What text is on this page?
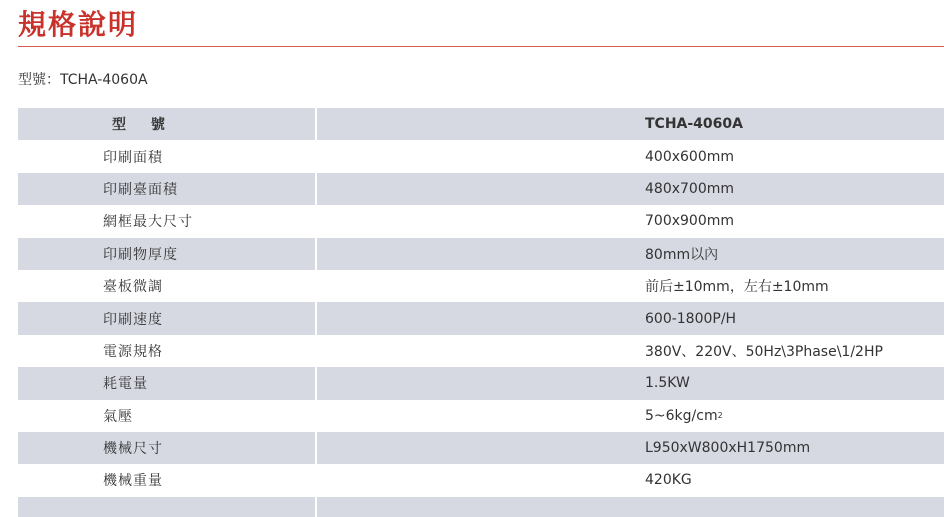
規格說明
型號：TCHA-4060A
型 號	TCHA-4060A
印刷面積	400x600mm
印刷臺面積	480x700mm
網框最大尺寸	700x900mm
印刷物厚度	80mm以內
臺板微調	前后±10mm，左右±10mm
印刷速度	600-1800P/H
電源規格	380V、220V、50Hz\3Phase\1/2HP
耗電量	1.5KW
氣壓	5~6kg/cm 2
機械尺寸	L950xW800xH1750mm
機械重量	420KG
